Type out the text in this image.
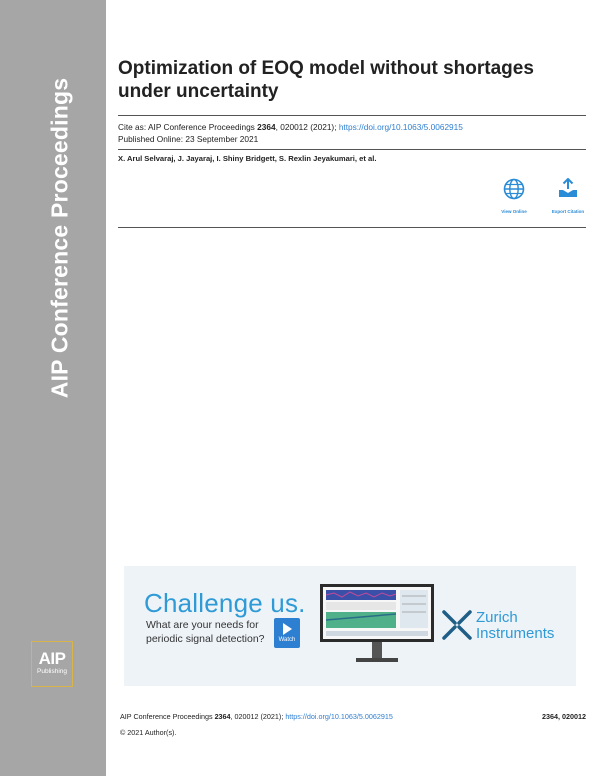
AIP Conference Proceedings
AIP
Publishing
Optimization of EOQ model without shortages under uncertainty
Cite as: AIP Conference Proceedings 2364, 020012 (2021); https://doi.org/10.1063/5.0062915
Published Online: 23 September 2021
X. Arul Selvaraj, J. Jayaraj, I. Shiny Bridgett, S. Rexlin Jeyakumari, et al.
View Online	Export Citation
Challenge us.
What are your needs for periodic signal detection?	Watch
Zurich
Instruments
AIP Conference Proceedings 2364, 020012 (2021); https://doi.org/10.1063/5.0062915	2364, 020012
© 2021 Author(s).
